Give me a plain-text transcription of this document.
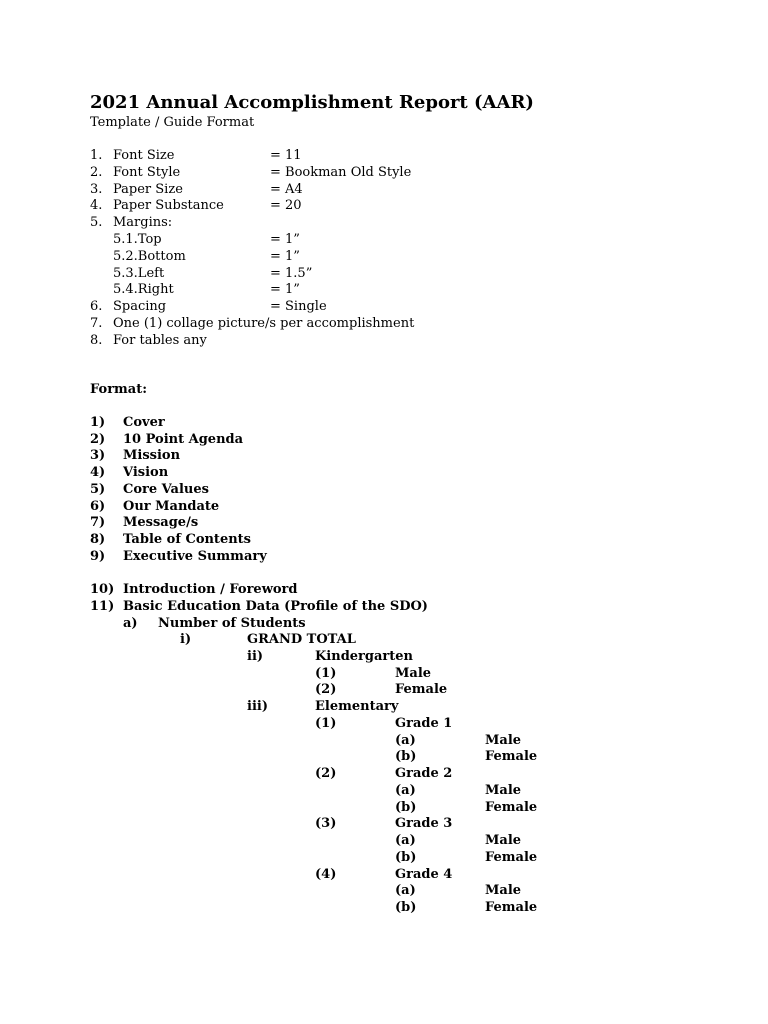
2021 Annual Accomplishment Report (AAR)
Template / Guide Format
1. Font Size	= 11
2. Font Style	= Bookman Old Style
3. Paper Size	= A4
4. Paper Substance	= 20
5. Margins:
5.1.Top	= 1”
5.2.Bottom	= 1”
5.3.Left	= 1.5”
5.4.Right	= 1”
6. Spacing	= Single
7. One (1) collage picture/s per accomplishment
8. For tables any
Format:
1) Cover
2) 10 Point Agenda
3) Mission
4) Vision
5) Core Values
6) Our Mandate
7) Message/s
8) Table of Contents
9) Executive Summary
10) Introduction / Foreword
11) Basic Education Data (Profile of the SDO)
a) Number of Students
i)	GRAND TOTAL
ii)	Kindergarten
(1)	Male
(2)	Female
iii)	Elementary
(1)	Grade 1
(a)	Male
(b)	Female
(2)	Grade 2
(a)	Male
(b)	Female
(3)	Grade 3
(a)	Male
(b)	Female
(4)	Grade 4
(a)	Male
(b)	Female
